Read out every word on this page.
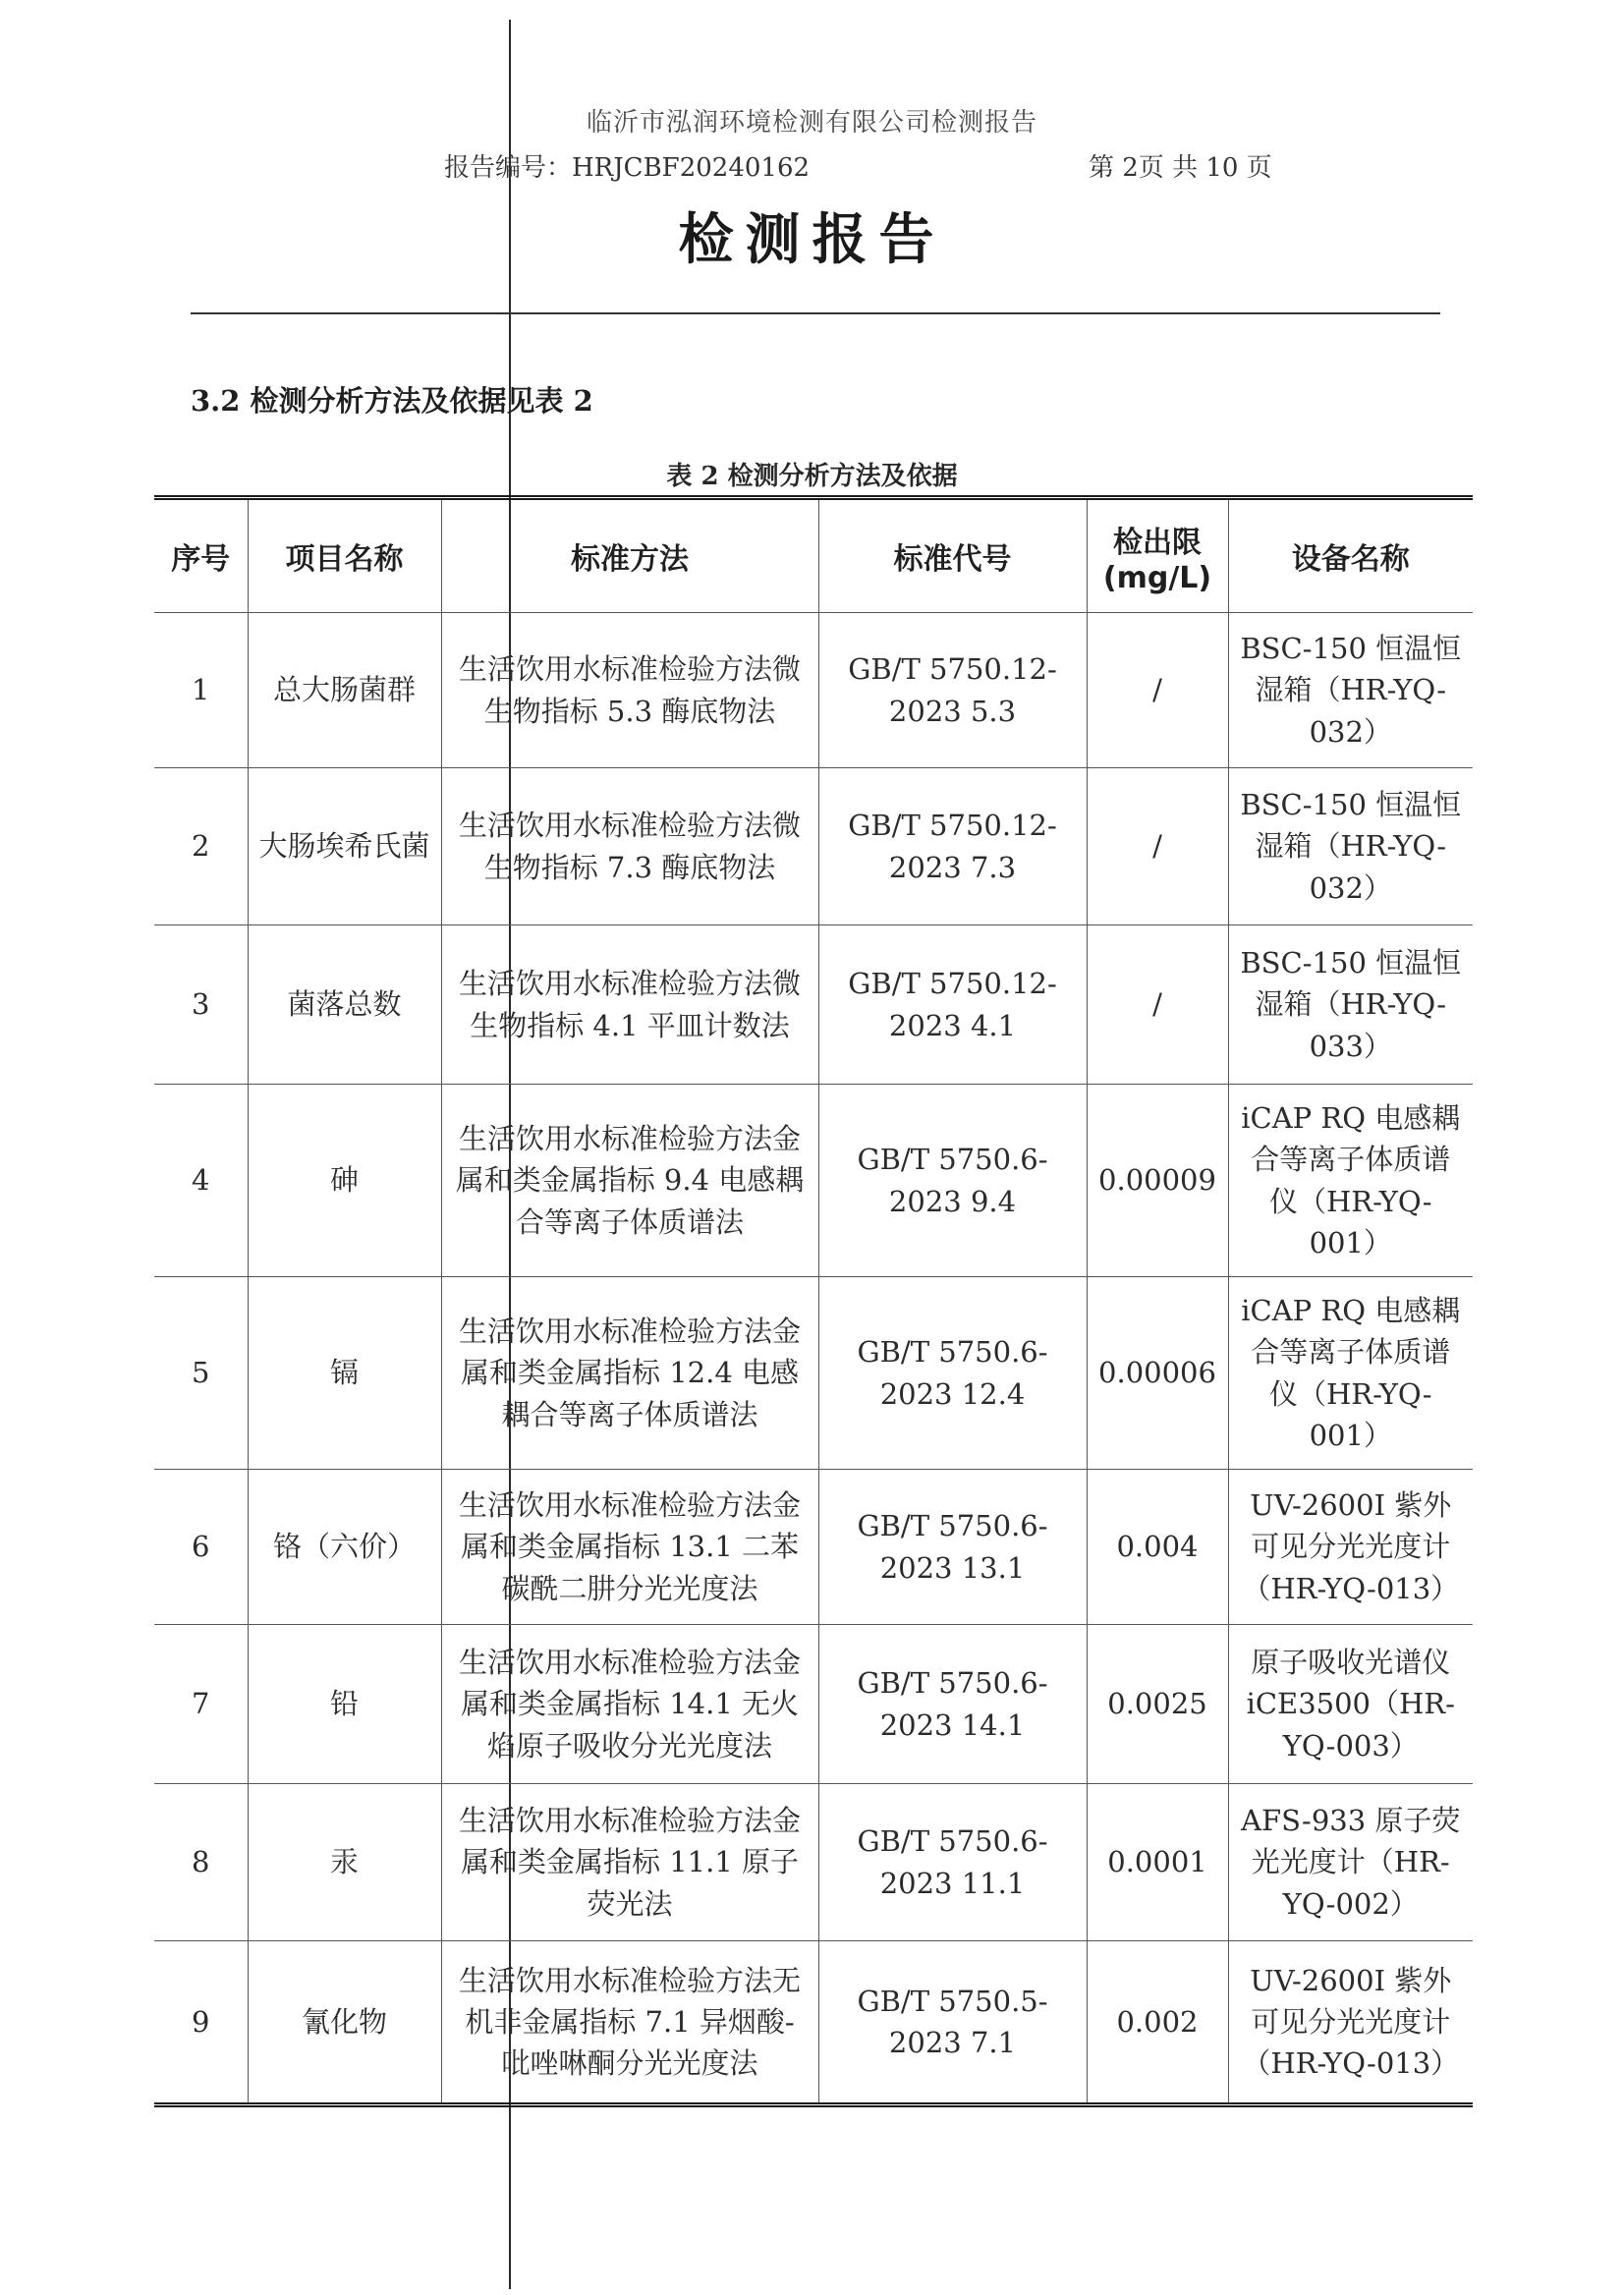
临沂市泓润环境检测有限公司检测报告
报告编号：HRJCBF20240162	第 2页 共 10 页
检测报告
3.2 检测分析方法及依据见表 2
表 2 检测分析方法及依据
序号	项目名称	标准方法	标准代号	检出限 (mg/L)	设备名称
1	总大肠菌群	生活饮用水标准检验方法微生物指标 5.3 酶底物法	GB/T 5750.12-2023 5.3	/	BSC-150 恒温恒湿箱（HR-YQ-032）
2	大肠埃希氏菌	生活饮用水标准检验方法微生物指标 7.3 酶底物法	GB/T 5750.12-2023 7.3	/	BSC-150 恒温恒湿箱（HR-YQ-032）
3	菌落总数	生活饮用水标准检验方法微生物指标 4.1 平皿计数法	GB/T 5750.12-2023 4.1	/	BSC-150 恒温恒湿箱（HR-YQ-033）
4	砷	生活饮用水标准检验方法金属和类金属指标 9.4 电感耦合等离子体质谱法	GB/T 5750.6-2023 9.4	0.00009	iCAP RQ 电感耦合等离子体质谱仪（HR-YQ-001）
5	镉	生活饮用水标准检验方法金属和类金属指标 12.4 电感耦合等离子体质谱法	GB/T 5750.6-2023 12.4	0.00006	iCAP RQ 电感耦合等离子体质谱仪（HR-YQ-001）
6	铬（六价）	生活饮用水标准检验方法金属和类金属指标 13.1 二苯碳酰二肼分光光度法	GB/T 5750.6-2023 13.1	0.004	UV-2600I 紫外可见分光光度计（HR-YQ-013）
7	铅	生活饮用水标准检验方法金属和类金属指标 14.1 无火焰原子吸收分光光度法	GB/T 5750.6-2023 14.1	0.0025	原子吸收光谱仪 iCE3500（HR-YQ-003）
8	汞	生活饮用水标准检验方法金属和类金属指标 11.1 原子荧光法	GB/T 5750.6-2023 11.1	0.0001	AFS-933 原子荧光光度计（HR-YQ-002）
9	氰化物	生活饮用水标准检验方法无机非金属指标 7.1 异烟酸-吡唑啉酮分光光度法	GB/T 5750.5-2023 7.1	0.002	UV-2600I 紫外可见分光光度计（HR-YQ-013）
